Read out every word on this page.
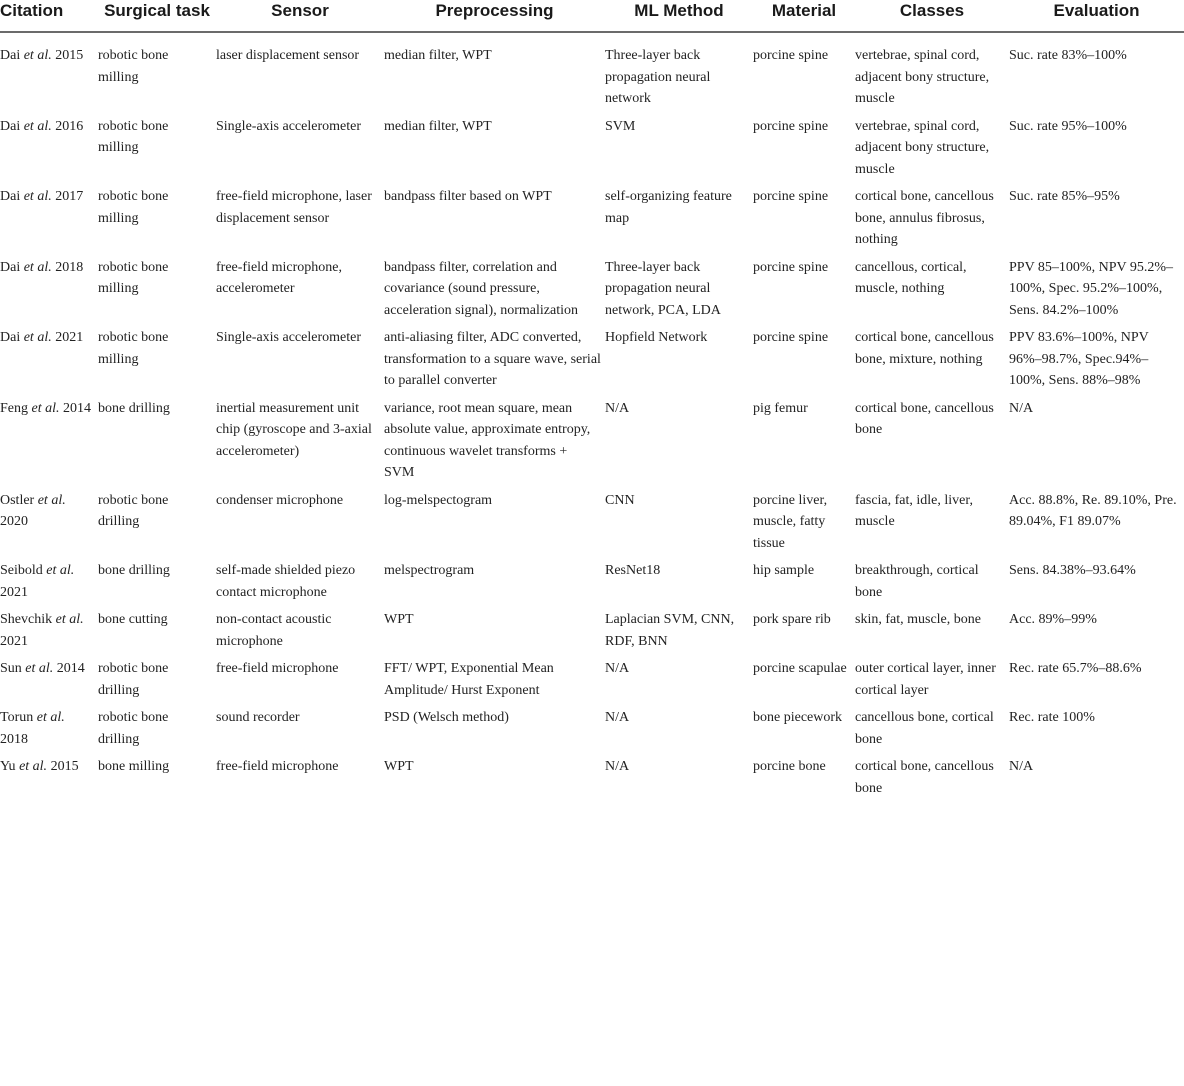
Citation	Surgical task	Sensor	Preprocessing	ML Method	Material	Classes	Evaluation
Dai et al. 2015	robotic bone milling	laser displacement sensor	median filter, WPT	Three-layer back propagation neural network	porcine spine	vertebrae, spinal cord, adjacent bony structure, muscle	Suc. rate 83%–100%
Dai et al. 2016	robotic bone milling	Single-axis accelerometer	median filter, WPT	SVM	porcine spine	vertebrae, spinal cord, adjacent bony structure, muscle	Suc. rate 95%–100%
Dai et al. 2017	robotic bone milling	free-field microphone, laser displacement sensor	bandpass filter based on WPT	self-organizing feature map	porcine spine	cortical bone, cancellous bone, annulus fibrosus, nothing	Suc. rate 85%–95%
Dai et al. 2018	robotic bone milling	free-field microphone, accelerometer	bandpass filter, correlation and covariance (sound pressure, acceleration signal), normalization	Three-layer back propagation neural network, PCA, LDA	porcine spine	cancellous, cortical, muscle, nothing	PPV 85–100%, NPV 95.2%–100%, Spec. 95.2%–100%, Sens. 84.2%–100%
Dai et al. 2021	robotic bone milling	Single-axis accelerometer	anti-aliasing filter, ADC converted, transformation to a square wave, serial to parallel converter	Hopfield Network	porcine spine	cortical bone, cancellous bone, mixture, nothing	PPV 83.6%–100%, NPV 96%–98.7%, Spec.94%–100%, Sens. 88%–98%
Feng et al. 2014	bone drilling	inertial measurement unit chip (gyroscope and 3-axial accelerometer)	variance, root mean square, mean absolute value, approximate entropy, continuous wavelet transforms + SVM	N/A	pig femur	cortical bone, cancellous bone	N/A
Ostler et al. 2020	robotic bone drilling	condenser microphone	log-melspectogram	CNN	porcine liver, muscle, fatty tissue	fascia, fat, idle, liver, muscle	Acc. 88.8%, Re. 89.10%, Pre. 89.04%, F1 89.07%
Seibold et al. 2021	bone drilling	self-made shielded piezo contact microphone	melspectrogram	ResNet18	hip sample	breakthrough, cortical bone	Sens. 84.38%–93.64%
Shevchik et al. 2021	bone cutting	non-contact acoustic microphone	WPT	Laplacian SVM, CNN, RDF, BNN	pork spare rib	skin, fat, muscle, bone	Acc. 89%–99%
Sun et al. 2014	robotic bone drilling	free-field microphone	FFT/ WPT, Exponential Mean Amplitude/ Hurst Exponent	N/A	porcine scapulae	outer cortical layer, inner cortical layer	Rec. rate 65.7%–88.6%
Torun et al. 2018	robotic bone drilling	sound recorder	PSD (Welsch method)	N/A	bone piecework	cancellous bone, cortical bone	Rec. rate 100%
Yu et al. 2015	bone milling	free-field microphone	WPT	N/A	porcine bone	cortical bone, cancellous bone	N/A
